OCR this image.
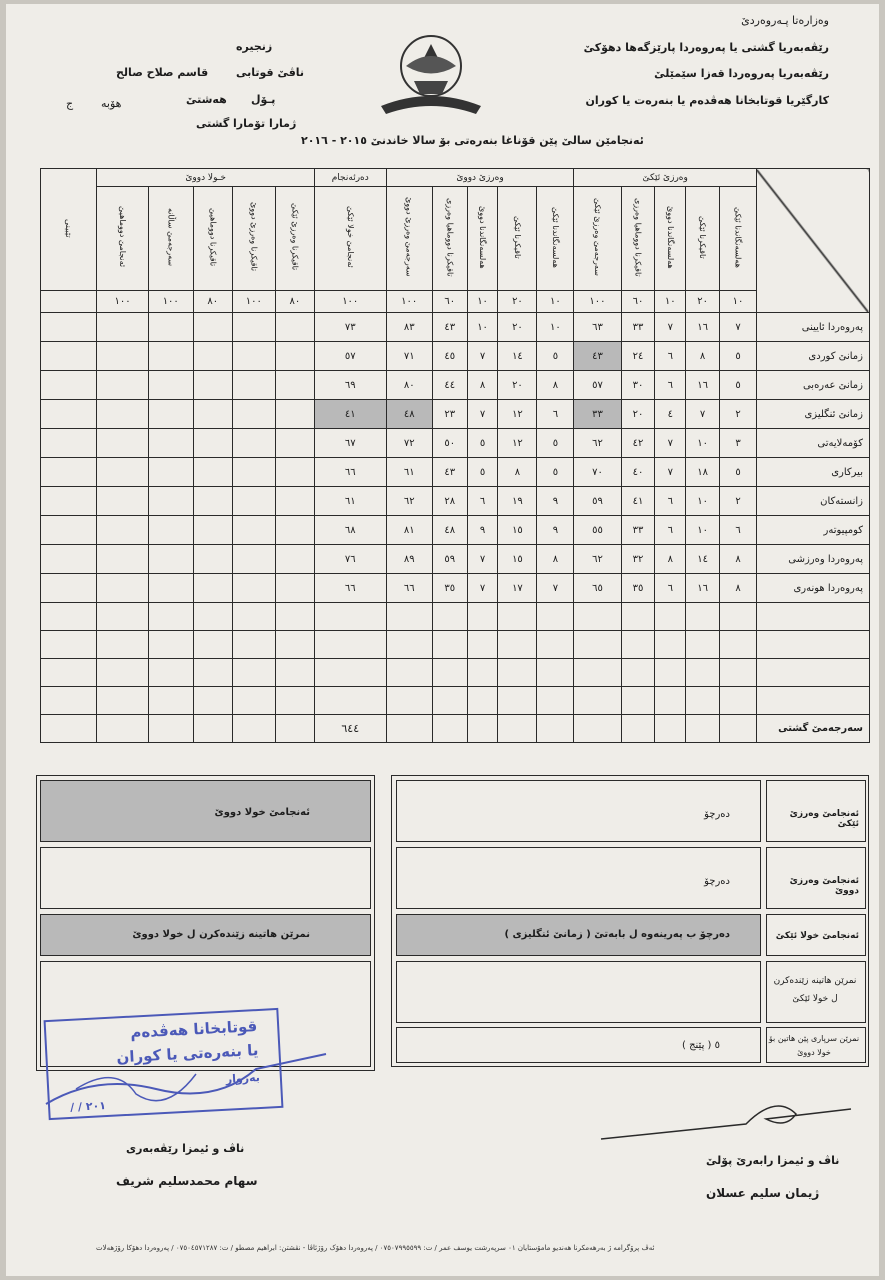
وەزارەتا پـەروەردێ
رێڤەبەریا گشتی یا پەروەردا پارێزگەها دهۆکێ
رێڤەبەریا پەروەردا قەزا سێمێلێ
کارگێریا قوتابخانا هەڤدەم یا بنەرەت یا کوران
زنجیرە
ناڤێ قوتابی
قاسم صلاح صالح
پـۆل
هەشتێ
هۆبە
ج
ژمارا تۆمارا گشتی
ئەنجامێن سالێ پێن قۆناغا بنەرەتی بۆ سالا خاندنێ ٢٠١٥ - ٢٠١٦
تێبینی	خـولا دووێ					دەرئەنجام	وەرزێ دووێ					وەرزێ ئێکێ					
	ئەنجامێ دووماهیێ	سەرجەمێ ساڵانە	تاقیکرنا دووماهیێ	تاقیکرنا وەرزێ دووێ	تاقیکرنا وەرزێ ئێکێ	ئەنجامێ خولا ئێکێ	سەرجەمێ وەرزێ دووێ	تاقیکرنا دووماهیا وەرزی	هەلسەنگاندنا دووێ	تاقیکرنا ئێکێ	هەلسەنگاندنا ئێکێ	سەرجەمێ وەرزێ ئێکێ	تاقیکرنا دووماهیا وەرزی	هەلسەنگاندنا دووێ	تاقیکرنا ئێکێ	هەلسەنگاندنا ئێکێ	
	١٠٠	١٠٠	٨٠	١٠٠	٨٠	١٠٠	١٠٠	٦٠	١٠	٢٠	١٠	١٠٠	٦٠	١٠	٢٠	١٠	
						٧٣	٨٣	٤٣	١٠	٢٠	١٠	٦٣	٣٣	٧	١٦	٧	پەروەردا ئایینی
						٥٧	٧١	٤٥	٧	١٤	٥	٤٣	٢٤	٦	٨	٥	زمانێ کوردی
						٦٩	٨٠	٤٤	٨	٢٠	٨	٥٧	٣٠	٦	١٦	٥	زمانێ عەرەبی
						٤١	٤٨	٢٣	٧	١٢	٦	٣٣	٢٠	٤	٧	٢	زمانێ ئنگلیزی
						٦٧	٧٢	٥٠	٥	١٢	٥	٦٢	٤٢	٧	١٠	٣	کۆمەلایەتی
						٦٦	٦١	٤٣	٥	٨	٥	٧٠	٤٠	٧	١٨	٥	بیرکاری
						٦١	٦٢	٢٨	٦	١٩	٩	٥٩	٤١	٦	١٠	٢	زانستەکان
						٦٨	٨١	٤٨	٩	١٥	٩	٥٥	٣٣	٦	١٠	٦	کومپیوتەر
						٧٦	٨٩	٥٩	٧	١٥	٨	٦٢	٣٢	٨	١٤	٨	پەروەردا وەرزشی
						٦٦	٦٦	٣٥	٧	١٧	٧	٦٥	٣٥	٦	١٦	٨	پەروەردا هونەری

						٦٤٤											سەرجەمێ گشتی
دەرچۆ	ئەنجامێ وەرزێ ئێکێ
دەرچۆ	ئەنجامێ وەرزێ دووێ
دەرچۆ ب پەرینەوە ل بابەتێ ( زمانێ ئنگلیزی )	ئەنجامێ خولا ئێکێ
نمرێن هاتینە زێندەکرن ل خولا ئێکێ
٥ ( پێنج )
نمرێن سرپاری پێن هاتین بۆ خولا دووێ
ئەنجامێ خولا دووێ
نمرێن هاتینە زێندەکرن ل خولا دووێ
قوتابخانا هەڤدەم
یا بنەرەتی یا کوران
بەروار
/ / ٢٠١
ناڤ و ئیمزا رێڤەبەری
سهام محمدسلیم شریف
ناڤ و ئیمزا رابەرێ پۆلێ
ژیمان سلیم عسلان
ئەڤ پرۆگرامە ژ بەرهەمکرنا هەندیو مامۆستایان ٠١ سرپەرشت یوسف عمر / ت: ٠٧٥٠٧٩٩٥٥٩٩ / پەروەردا دهۆک رۆژئاڤا - نڤشتن: ابراهیم مصطو / ت: ٠٧٥٠٤٥٧١٢٨٧ / پەروەردا دهۆکا رۆژهەلات
